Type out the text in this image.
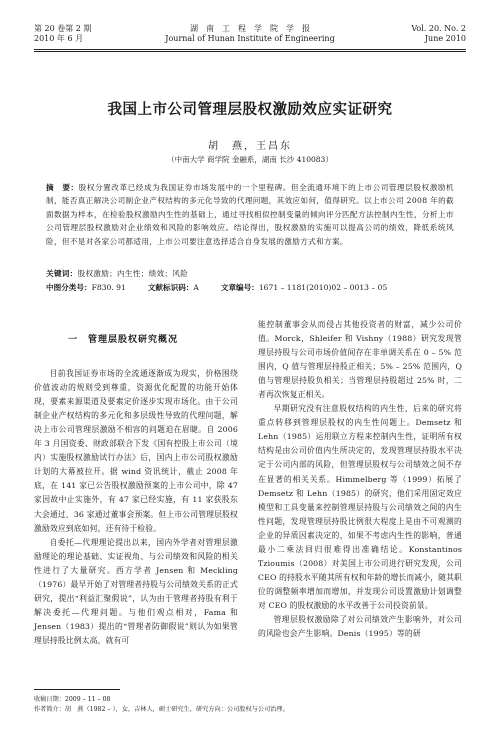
第 20 卷第 2 期	湖　南　工　程　学　院　学　报	Vol. 20. No. 2
2010 年 6 月	Journal of Hunan Institute of Engineering	June 2010
我国上市公司管理层股权激励效应实证研究
胡　燕，王昌东
（中南大学 商学院 金融系，湖南 长沙 410083）
摘　要：股权分置改革已经成为我国证券市场发展中的一个里程碑。但全流通环境下的上市公司管理层股权激励机制，能否真正解决公司制企业产权结构的多元化导致的代理问题，其效应如何，值得研究。以上市公司 2008 年的截面数据为样本，在检验股权激励内生性的基础上，通过寻找相似控制变量的倾向评分匹配方法控制内生性，分析上市公司管理层股权激励对企业绩效和风险的影响效应。结论得出，股权激励的实施可以提高公司的绩效，降低系统风险，但不是对各家公司都适用，上市公司要注意选择适合自身发展的激励方式和方案。
关键词：股权激励；内生性；绩效；风险
中图分类号：F830. 91	文献标识码：A	文章编号：1671 – 1181(2010)02 – 0013 – 05

一　管理层股权研究概况

目前我国证券市场的全流通逐渐成为现实，价格围绕价值波动的规则受到尊重，资源优化配置的功能开始体现，要素来源渠道及要素定价逐步实现市场化。由于公司制企业产权结构的多元化和多层级性导致的代理问题，解决上市公司管理层激励不相容的问题迫在眉睫。自 2006 年 3 月国资委、财政部联合下发《国有控股上市公司（境内）实施股权激励试行办法》后，国内上市公司股权激励计划的大幕被拉开。据 wind 资讯统计，截止 2008 年底，在 141 家已公告股权激励预案的上市公司中，除 47 家因故中止实施外，有 47 家已经实施，有 11 家获股东大会通过，36 家通过董事会预案。但上市公司管理层股权激励效应到底如何，还有待于检验。

自委托—代理理论提出以来，国内外学者对管理层激励理论的理论基础、实证视角、与公司绩效和风险的相关性进行了大量研究。西方学者 Jensen 和 Meckling（1976）最早开始了对管理者持股与公司绩效关系的正式研究，提出“利益汇聚假说”，认为由于管理者持股有利于解决委托—代理问题。与他们观点相对，Fama 和 Jensen（1983）提出的“管理者防御假说”则认为如果管理层持股比例太高，就有可

能控制董事会从而侵占其他投资者的财富，减少公司价值。Morck，Shleifer 和 Vishny（1988）研究发现管理层持股与公司市场价值间存在非单调关系在 0 – 5% 范围内，Q 值与管理层持股正相关；5% – 25% 范围内，Q 值与管理层持股负相关；当管理层持股超过 25% 时，二者再次恢复正相关。

早期研究没有注意股权结构的内生性，后来的研究将重点转移到管理层股权的内生性问题上。Demsetz 和 Lehn（1985）运用联立方程来控制内生性，证明所有权结构是由公司价值内生所决定的，发现管理层持股水平决定于公司内部的风险，但管理层股权与公司绩效之间不存在显著的相关关系。Himmelberg 等（1999）拓展了 Demsetz 和 Lehn（1985）的研究，他们采用固定效应模型和工具变量来控制管理层持股与公司绩效之间的内生性问题，发现管理层持股比例很大程度上是由不可观测的企业的异质因素决定的，如果不考虑内生性的影响，普通最小二乘法回归很难得出准确结论。Konstantinos Tzioumis（2008）对美国上市公司进行研究发现，公司 CEO 的持股水平随其所有权和年龄的增长而减小，随其职位的调整频率增加而增加，并发现公司设置激励计划调整对 CEO 的股权激励的水平改善于公司投资前景。

管理层股权激励除了对公司绩效产生影响外，对公司的风险也会产生影响。Denis（1995）等的研

收稿日期：2009 – 11 – 08
作者简介：胡　燕（1982 – ），女，吉林人，硕士研究生，研究方向：公司股权与公司治理。
